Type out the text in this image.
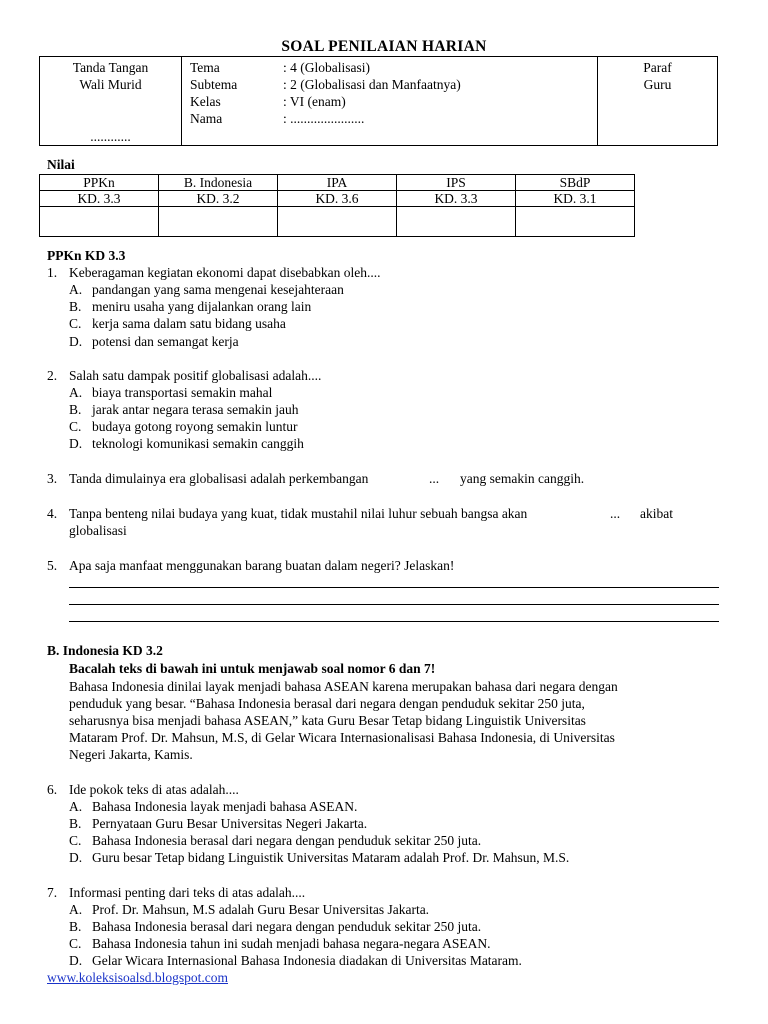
SOAL PENILAIAN HARIAN
Tanda Tangan
Wali Murid
............
Tema	: 4 (Globalisasi)
Subtema	: 2 (Globalisasi dan Manfaatnya)
Kelas	: VI (enam)
Nama	: ......................
Paraf
Guru
Nilai
PPKn	B. Indonesia	IPA	IPS	SBdP
KD. 3.3	KD. 3.2	KD. 3.6	KD. 3.3	KD. 3.1

PPKn KD 3.3
1. Keberagaman kegiatan ekonomi dapat disebabkan oleh....
A. pandangan yang sama mengenai kesejahteraan
B. meniru usaha yang dijalankan orang lain
C. kerja sama dalam satu bidang usaha
D. potensi dan semangat kerja
2. Salah satu dampak positif globalisasi adalah....
A. biaya transportasi semakin mahal
B. jarak antar negara terasa semakin jauh
C. budaya gotong royong semakin luntur
D. teknologi komunikasi semakin canggih
3. Tanda dimulainya era globalisasi adalah perkembangan	... yang semakin canggih.
4. Tanpa benteng nilai budaya yang kuat, tidak mustahil nilai luhur sebuah bangsa akan	... akibat
globalisasi
5. Apa saja manfaat menggunakan barang buatan dalam negeri? Jelaskan!
B. Indonesia KD 3.2
Bacalah teks di bawah ini untuk menjawab soal nomor 6 dan 7!
Bahasa Indonesia dinilai layak menjadi bahasa ASEAN karena merupakan bahasa dari negara dengan
penduduk yang besar. “Bahasa Indonesia berasal dari negara dengan penduduk sekitar 250 juta,
seharusnya bisa menjadi bahasa ASEAN,” kata Guru Besar Tetap bidang Linguistik Universitas
Mataram Prof. Dr. Mahsun, M.S, di Gelar Wicara Internasionalisasi Bahasa Indonesia, di Universitas
Negeri Jakarta, Kamis.
6. Ide pokok teks di atas adalah....
A. Bahasa Indonesia layak menjadi bahasa ASEAN.
B. Pernyataan Guru Besar Universitas Negeri Jakarta.
C. Bahasa Indonesia berasal dari negara dengan penduduk sekitar 250 juta.
D. Guru besar Tetap bidang Linguistik Universitas Mataram adalah Prof. Dr. Mahsun, M.S.
7. Informasi penting dari teks di atas adalah....
A. Prof. Dr. Mahsun, M.S adalah Guru Besar Universitas Jakarta.
B. Bahasa Indonesia berasal dari negara dengan penduduk sekitar 250 juta.
C. Bahasa Indonesia tahun ini sudah menjadi bahasa negara-negara ASEAN.
D. Gelar Wicara Internasional Bahasa Indonesia diadakan di Universitas Mataram.
www.koleksisoalsd.blogspot.com
